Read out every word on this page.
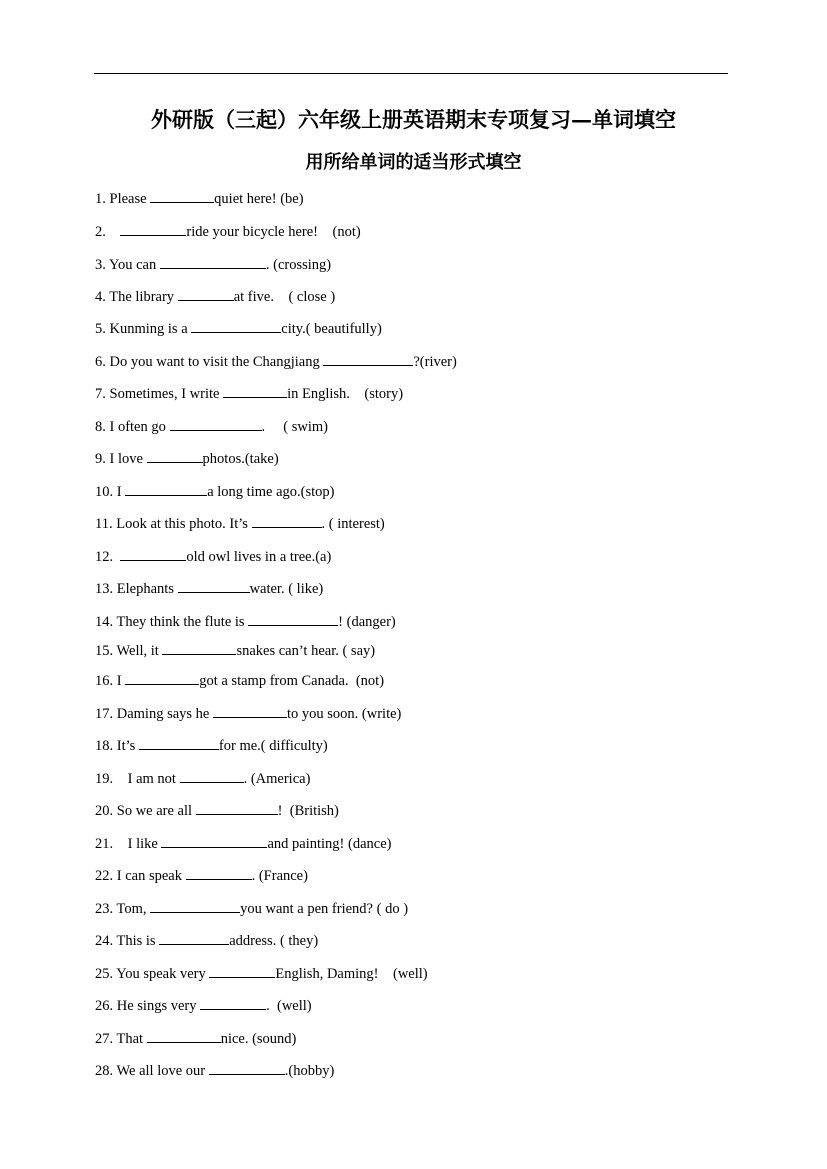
外研版（三起）六年级上册英语期末专项复习—单词填空
用所给单词的适当形式填空
1. Please	quiet here! (be)
2.	ride your bicycle here!    (not)
3. You can	. (crossing)
4. The library	at five.    ( close )
5. Kunming is a	city.( beautifully)
6. Do you want to visit the Changjiang	?(river)
7. Sometimes, I write	in English.    (story)
8. I often go	.     ( swim)
9. I love	photos.(take)
10. I	a long time ago.(stop)
11. Look at this photo. It’s	. ( interest)
12.	old owl lives in a tree.(a)
13. Elephants	water. ( like)
14. They think the flute is	! (danger)
15. Well, it	snakes can’t hear. ( say)
16. I	got a stamp from Canada.  (not)
17. Daming says he	to you soon. (write)
18. It’s	for me.( difficulty)
19.    I am not	. (America)
20. So we are all	!  (British)
21.    I like	and painting! (dance)
22. I can speak	. (France)
23. Tom,	you want a pen friend? ( do )
24. This is	address. ( they)
25. You speak very	English, Daming!    (well)
26. He sings very	.  (well)
27. That	nice. (sound)
28. We all love our	.(hobby)
